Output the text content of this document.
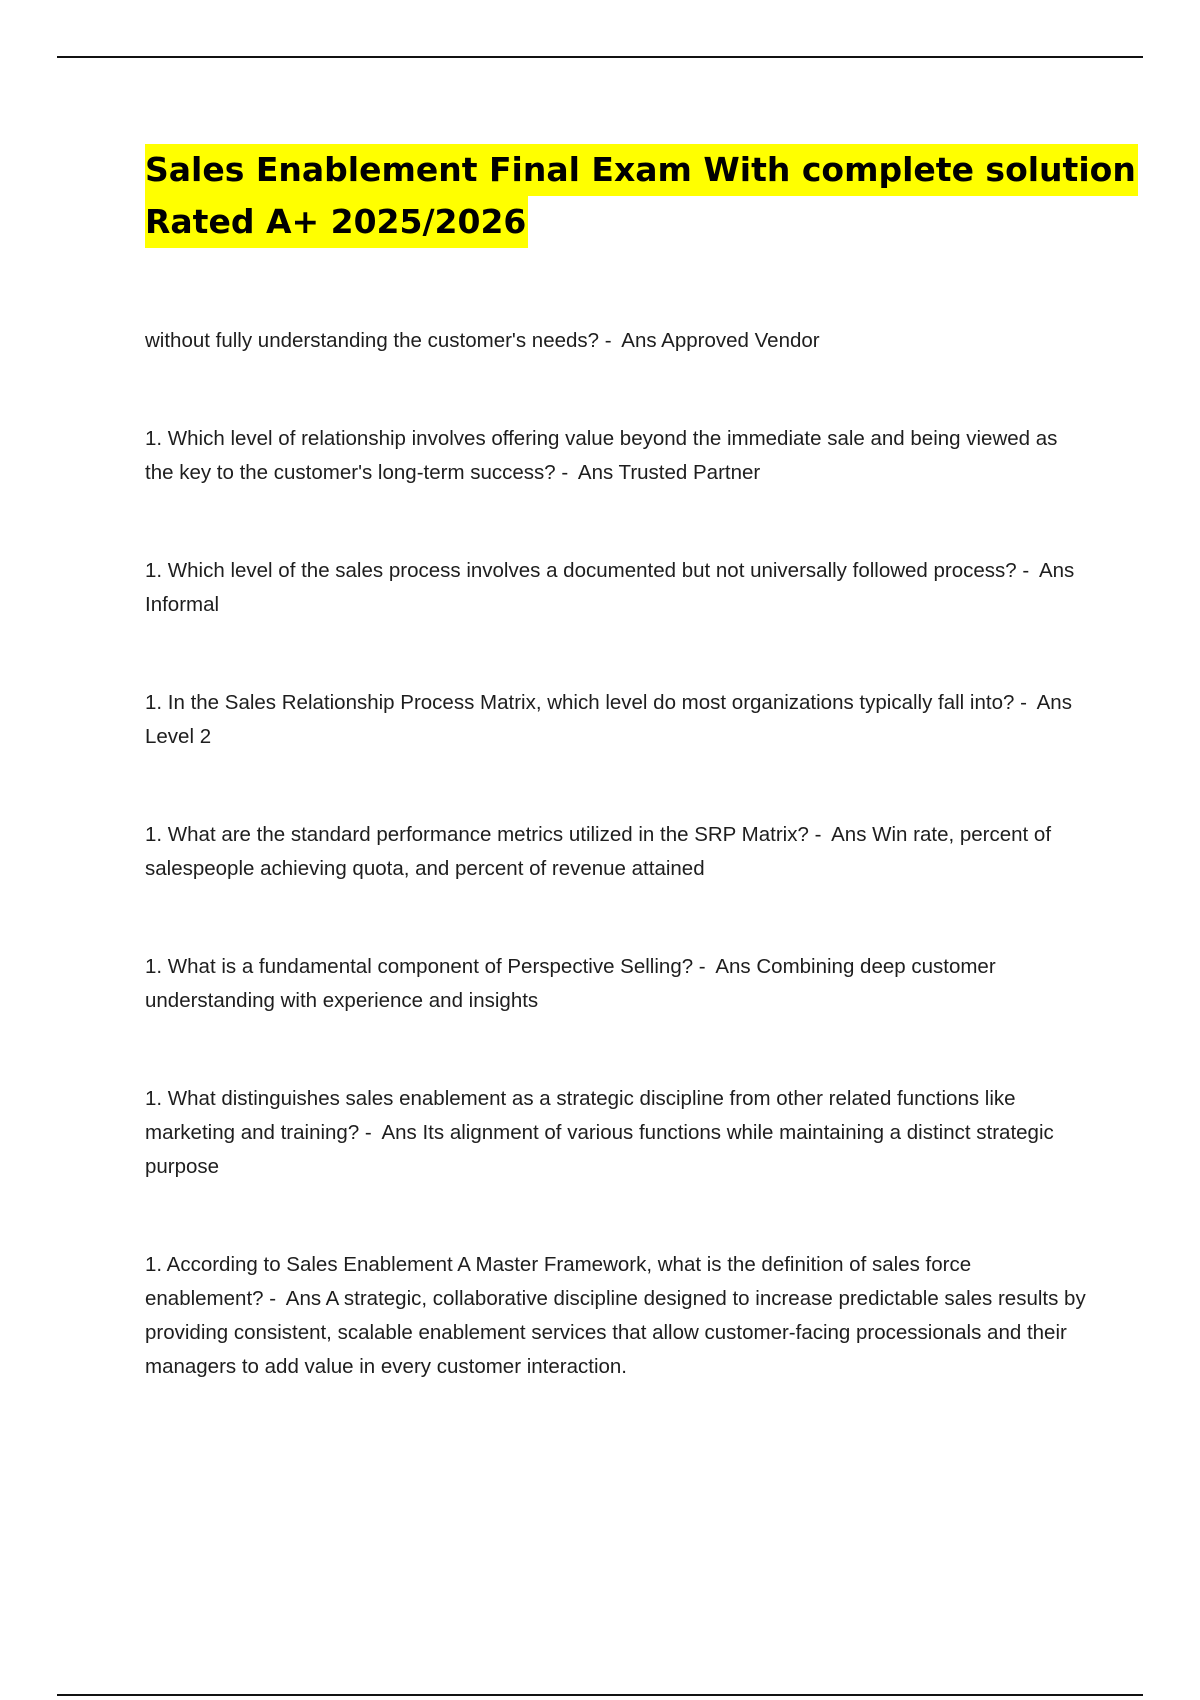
Sales Enablement Final Exam With complete solution
Rated A+ 2025/2026

without fully understanding the customer's needs? - Ans Approved Vendor

1. Which level of relationship involves offering value beyond the immediate sale and being viewed as the key to the customer's long-term success? - Ans Trusted Partner

1. Which level of the sales process involves a documented but not universally followed process? - Ans Informal

1. In the Sales Relationship Process Matrix, which level do most organizations typically fall into? - Ans Level 2

1. What are the standard performance metrics utilized in the SRP Matrix? - Ans Win rate, percent of salespeople achieving quota, and percent of revenue attained

1. What is a fundamental component of Perspective Selling? - Ans Combining deep customer understanding with experience and insights

1. What distinguishes sales enablement as a strategic discipline from other related functions like marketing and training? - Ans Its alignment of various functions while maintaining a distinct strategic purpose

1. According to Sales Enablement A Master Framework, what is the definition of sales force enablement? - Ans A strategic, collaborative discipline designed to increase predictable sales results by providing consistent, scalable enablement services that allow customer-facing processionals and their managers to add value in every customer interaction.
